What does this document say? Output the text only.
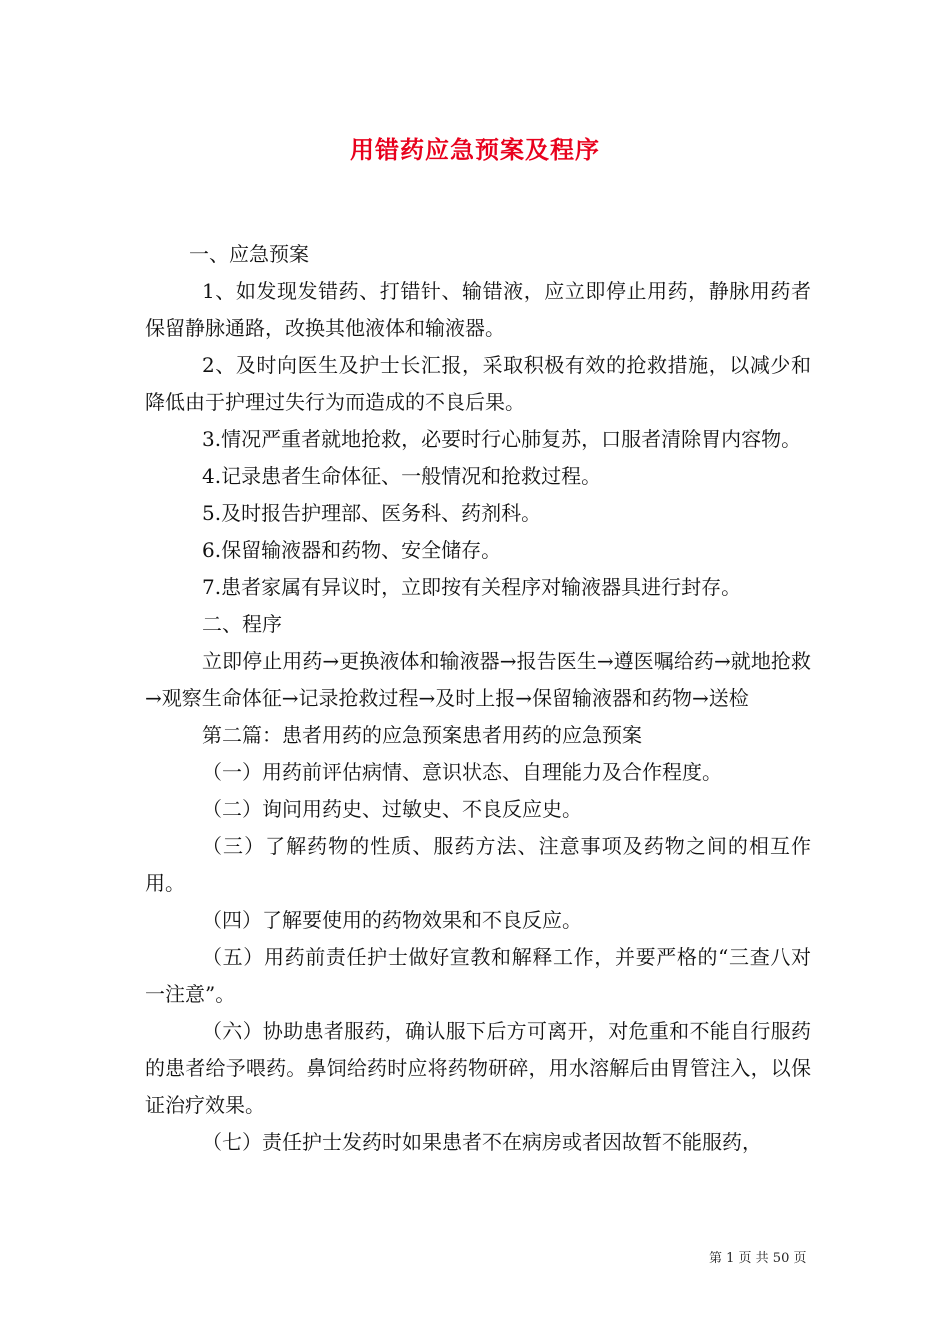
用错药应急预案及程序

一、应急预案

1、如发现发错药、打错针、输错液，应立即停止用药，静脉用药者保留静脉通路，改换其他液体和输液器。

2、及时向医生及护士长汇报，采取积极有效的抢救措施，以减少和降低由于护理过失行为而造成的不良后果。

3.情况严重者就地抢救，必要时行心肺复苏，口服者清除胃内容物。

4.记录患者生命体征、一般情况和抢救过程。

5.及时报告护理部、医务科、药剂科。

6.保留输液器和药物、安全储存。

7.患者家属有异议时，立即按有关程序对输液器具进行封存。

二、程序

立即停止用药→更换液体和输液器→报告医生→遵医嘱给药→就地抢救→观察生命体征→记录抢救过程→及时上报→保留输液器和药物→送检

第二篇：患者用药的应急预案患者用药的应急预案

（一）用药前评估病情、意识状态、自理能力及合作程度。

（二）询问用药史、过敏史、不良反应史。

（三）了解药物的性质、服药方法、注意事项及药物之间的相互作用。

（四）了解要使用的药物效果和不良反应。

（五）用药前责任护士做好宣教和解释工作，并要严格的“三查八对一注意”。

（六）协助患者服药，确认服下后方可离开，对危重和不能自行服药的患者给予喂药。鼻饲给药时应将药物研碎，用水溶解后由胃管注入，以保证治疗效果。

（七）责任护士发药时如果患者不在病房或者因故暂不能服药，

第 1 页 共 50 页
